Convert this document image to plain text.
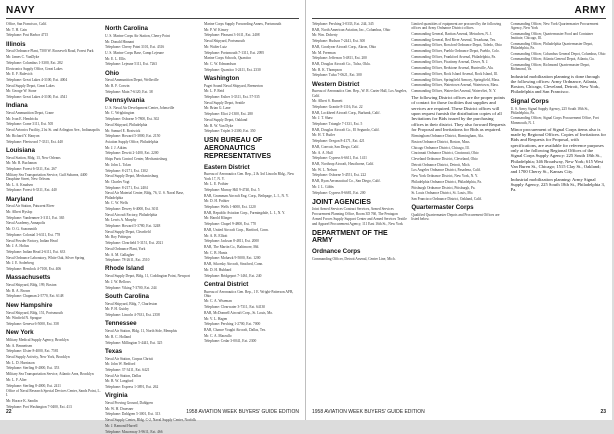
NAVY
Office, San Francisco, Calif.
Mr. T. H. Cain
Telephone: Post Harbor 4715
Illinois
Naval Ordnance Plant, 7500 W. Roosevelt Road, Forest Park
Mr. James C. VanDyke
Telephone: Columbus 1-3300, Ext. 282
Electronics Supply Office, Great Lakes
Mr. E. F. Rulevich
Telephone: Great Lakes 4-3100, Ext. 4004
Naval Supply Depot, Great Lakes
Mr. George W. Stone
Telephone: Great Lakes 4-3100, Ext. 4541
Indiana
Naval Ammunition Depot, Crane
Mr. Ivan E. Hendricks
Telephone: Crane 3111, Ext. 505
Naval Avionics Facility, 21st St. and Arlington Ave., Indianapolis
Mr. Richard Y. Hanyon
Telephone: Fleetwood 7-3311, Ext. 440
Louisiana
Naval Station, Bldg. 13, New Orleans
Mr. Mr. R. Buchanan
Telephone: Forest 6-3311, Ext. 267
Military Sea Transportation Service, Gulf Subarea, 4400 Dauphine Street, New Orleans
Mr. L. A. Knudsen
Telephone: Forest 6-3311, Ext. 440
Maryland
Naval Air Station, Patuxent River
Mr. Albert Hyslop
Telephone: Vandenmee 3-3111, Ext. 365
Naval Academy, Annapolis
Mr. O. G. Soarasmith
Telephone: Colonial 3-6311, Ext. 778
Naval Powder Factory, Indian Head
Mr. J. A. Holtus
Telephone: Indian Head 2-6111, Ext. 633
Naval Ordnance Laboratory, White Oak, Silver Spring
Mr. J. E. Soderberg
Telephone: Hemlock 4-7100, Ext. 406
Massachusetts
Naval Shipyard, Bldg. 199, Boston
Mr. R. A. Brown
Telephone: Chapman 2-5770, Ext. 6148
New Hampshire
Naval Shipyard, Bldg. 151, Portsmouth
Mr. Winfield N. Sprague
Telephone: Geneva 6-5000, Ext. 358
New York
Military Medical Supply Agency, Brooklyn
Mr. A. Bennettsen
Telephone: Ulster 8-4000, Ext. 7581
Naval Supply Activity, New York, Brooklyn
Mr. L. D. Harriason
Telephone: Sterling 8-4000, Ext. 353
Military Sea Transportation Service, Atlantic Area, Brooklyn
Mr. L. F. Alter
Telephone: Sterling 8-4000, Ext. 2411
Office of Naval Research Special Devices Center, Sands Point, L. I.
Mr. Horace K. Sandin
Telephone: Port Washington 7-0400, Ext. 413
North Carolina
U. S. Marine Corps Air Station, Cherry Point
Mr. Donald Hinnant
Telephone: Cherry Point 3101, Ext. 4316
U. S. Marine Corps Base, Camp Lejeune
Mr. E. L. Ellis
Telephone: Lejeune 5111, Ext. 7263
Ohio
Naval Ammunition Depot, Wellsville
Mr. R. F. Corwin
Telephone: Main 7-6120, Ext. 38
Pennsylvania
U. S. Naval Air Development Center, Johnsville
Mr. C. Wrightington
Telephone: Osborne 5-7800, Ext. 302
Naval Shipyard, Philadelphia
Mr. Samuel E. Bostwick
Telephone: Howard 5-3800, Ext. 2150
Aviation Supply Office, Philadelphia
Mr. J. J. Atkins
Telephone: Dewitt 2-1400, Ext. 2200
Ships Parts Control Center, Mechanicsburg
Mr. John L. Tolan
Telephone: 8-2171, Ext. 1302
Naval Supply Depot, Mechanicsburg
Mr. Charles Vogt
Telephone: 8-2171, Ext. 2404
Naval Air Material Center, Bldg. 76, U. S. Naval Base, Philadelphia
Mr. C. W. Wells
Telephone: Dewey 6-4000, Ext. 3011
Naval Aircraft Factory, Philadelphia
Mr. Lewis A. Murphy
Telephone: Howard 5-3780, Ext. 3248
Naval Supply Depot, Clearfield
Mr. Roy Pobiegos
Telephone: Clearfield 5-3151, Ext. 2021
Naval Ordnance Plant, York
Mr. A. M. Gallagher
Telephone: 78-2611, Ext. 2510
Rhode Island
Naval Supply Depot, Bldg. 11, Coddington Point, Newport
Mr. J. W. Bellows
Telephone: Viking 7-3700, Ext. 244
South Carolina
Naval Shipyard, Bldg. 7, Charleston
Mr. P. H. Guidry
Telephone: Lincoln 4-7631, Ext. 2358
Tennessee
Naval Air Station, Bldg. 11, North Side, Memphis
Mr. R. C. Holland
Telephone: Millington 5-4441, Ext. 325
Texas
Naval Air Station, Corpus Christi
Mr. John W. Bedford
Telephone: 37-3411, Ext. 6421
Naval Air Station, Dallas
Mr. B. W. Langford
Telephone: Express 1-3891, Ext. 262
Virginia
Naval Proving Ground, Dahlgren
Mr. W. H. Druesner
Telephone: Dahlgren 5-3001, Ext. 313
Naval Supply Center, Bldg. C-2, Naval Supply Center, Norfolk
Mr. J. Ramond Harrell
Telephone: Masonway 3-9611, Ext. 466
Marine Corps Supply Forwarding Annex, Portsmouth
Mr. P. W. Kinsey
Telephone: Pleasant 3-1611, Ext. 2408
Naval Shipyard, Portsmouth
Mr. Walter Lutz
Telephone: Portsmouth 7-1311, Ext. 2095
Marine Corps Schools, Quantico
Mr. C. W. Edmondson
Telephone: Quantico 3-2411, Ext. 2330
Washington
Puget Sound Naval Shipyard, Bremerton
Mr. L. P. Reid
Telephone: Esther 3-3311, Ext. 57-535
Naval Supply Depot, Seattle
Mr. Brian G. Lane
Telephone: Eliot 2-1300, Ext. 280
Naval Supply Depot, Oakland
Mr. R. W. Van Dyke
Telephone: Triplet 3-2300, Ext. 350
USN BUREAU OF AERONAUTICS REPRESENTATIVES
Eastern District
Bureau of Aeronautics Gen. Rep., 2 & 3rd Lincoln Bldg., New York 17, N. Y.
Mr. L. E. Pothier
Telephone: Murray Hill 9-4740, Ext. 5
BAR, Grumman Aircraft Eng. Corp., Bethpage, L. I., N. Y.
Mr. D. H. Pothier
Telephone: Wells 1-6000, Ext. 1220
BAR, Republic Aviation Corp., Farmingdale, L. I., N. Y.
Mr. Harold Klinger
Telephone: Chapel 9-4800, Ext. 770
BAR, United Aircraft Corp., Hartford, Conn.
Mr. A. B. Elliott
Telephone: Jackson 8-4811, Ext. 2000
BAR, The Martin Co., Baltimore, Md.
Mr. C. B. Huntz
Telephone: Mohawk 9-5000, Ext. 1200
BAR, Sikorsky Aircraft, Stratford, Conn.
Mr. D. H. Hubbard
Telephone: Bridgeport 7-1461, Ext. 240
Central District
Bureau of Aeronautics Gen. Rep., 1 E. Wright-Patterson AFB, Ohio
Mr. C. A. Wiseman
Telephone: Clearwater 3-7311, Ext. 64130
BAR, McDonnell Aircraft Corp., St. Louis, Mo.
Mr. V. L. Hagen
Telephone: Pershing 1-2700, Ext. 7000
BAR, Chance Vought Aircraft, Dallas, Tex.
Mr. C. A. Marzullo
Telephone: Cedar 3-0041, Ext. 2300
22	1958 AVIATION WEEK BUYERS' GUIDE EDITION
ARMY
Telephone: Pershing 3-0333, Ext. 244, 345
BAR, North American Aviation, Inc., Columbus, Ohio
Mr. Wm. Doherty
Telephone: Hudson 7-2441, Ext. 300
BAR, Goodyear Aircraft Corp., Akron, Ohio
Mr. M. Freeman
Telephone: Jefferson 5-4811, Ext. 200
BAR, Douglas Aircraft Co., Tulsa, Okla.
Mr. R. K. Thompson
Telephone: Tulsa 7-0621, Ext. 300
Western District
Bureau of Aeronautics Gen. Rep., W. R. Carter Hall, Los Angeles, Calif.
Mr. Albert S. Burnett
Telephone: Granite 8-1116, Ext. 22
BAR, Lockheed Aircraft Corp., Burbank, Calif.
Mr. J. T. Shaw
Telephone: Triangle 7-1331, Ext. 5
BAR, Douglas Aircraft Co., El Segundo, Calif.
Mr. H. T. Butler
Telephone: Oregon 8-4171, Ext. 421
BAR, Convair, San Diego, Calif.
Mr. A. A. Hall
Telephone: Cypress 6-6611, Ext. 1411
BAR, Northrop Aircraft, Hawthorne, Calif.
Mr. W. L. Nelson
Telephone: Osborne 5-4551, Ext. 222
BAR, Ryan Aeronautical Co., San Diego, Calif.
Mr. J. L. Gibbs
Telephone: Cypress 8-6681, Ext. 200
JOINT AGENCIES
Joint Armed Services Contract Services, Armed Services Procurement Planning Office, Room 3D 760, The Pentagon
Armed Forces Supply Support Center and Armed Services Textile and Apparel Procurement Agency, 111 East 16th St., New York
DEPARTMENT OF THE ARMY
Ordnance Corps
Commanding Officer, Detroit Arsenal, Center Line, Mich.
Limited quantities of equipment are procured by the following offices and Army Ordnance District offices.
Commanding General, Raritan Arsenal, Metuchen, N. J.
Commanding General, Red River Arsenal, Texarkana, Tex.
Commanding Officer, Rossford Ordnance Depot, Toledo, Ohio
Commanding Officer, Pueblo Ordnance Depot, Pueblo, Colo.
Commanding Officer, Frankford Arsenal, Philadelphia, Pa.
Commanding Officer, Picatinny Arsenal, Dover, N. J.
Commanding Officer, Redstone Arsenal, Huntsville, Ala.
Commanding Officer, Rock Island Arsenal, Rock Island, Ill.
Commanding Officer, Springfield Armory, Springfield, Mass.
Commanding Officer, Watertown Arsenal, Watertown, Mass.
Commanding Officer, Watervliet Arsenal, Watervliet, N. Y.
The following District offices are the proper points of contact for those facilities that supplies and services are required. These District offices will upon request furnish the distribution copies of all Invitations for Bids issued by the purchasing offices in their district. They also forward Requests for Proposal and Invitations for Bids as required.
Birmingham Ordnance District, Birmingham, Ala.
Boston Ordnance District, Boston, Mass.
Chicago Ordnance District, Chicago, Ill.
Cincinnati Ordnance District, Cincinnati, Ohio
Cleveland Ordnance District, Cleveland, Ohio
Detroit Ordnance District, Detroit, Mich.
Los Angeles Ordnance District, Pasadena, Calif.
New York Ordnance District, New York, N. Y.
Philadelphia Ordnance District, Philadelphia, Pa.
Pittsburgh Ordnance District, Pittsburgh, Pa.
St. Louis Ordnance District, St. Louis, Mo.
San Francisco Ordnance District, Oakland, Calif.
Quartermaster Corps
Qualified Quartermaster Depots and Procurement Offices are listed below.
Commanding Officer, New York Quartermaster Procurement Agency, New York
Commanding Officer, Quartermaster Food and Container Institute, Chicago, Ill.
Commanding Officer, Philadelphia Quartermaster Depot, Philadelphia, Pa.
Commanding Officer, Columbus General Depot, Columbus, Ohio
Commanding Officer, Atlanta General Depot, Atlanta, Ga.
Commanding Officer, Richmond Quartermaster Depot, Richmond, Va.
Industrial mobilization planning is done through the following offices: Army Ordnance, Atlanta, Boston, Chicago, Cleveland, Detroit, New York, Philadelphia and San Francisco.
Signal Corps
U. S. Army Signal Supply Agency, 225 South 18th St., Philadelphia, Pa.
Commanding Officer, Signal Corps Procurement Office, Fort Monmouth, N. J.
Minor procurement of Signal Corps items also is made by Regional Offices. Copies of Invitations for Bids and Requests for Proposal, with specifications, are available for reference purposes only at the following Regional Offices of the Signal Corps Supply Agency: 225 South 18th St., Philadelphia; 346 Broadway, New York; 615 West Van Buren St., Chicago; 1515 Clay St., Oakland; and 1700 Cherry St., Kansas City.
Industrial mobilization planning: Army Signal Supply Agency, 225 South 18th St., Philadelphia 3, Pa.
1958 AVIATION WEEK BUYERS' GUIDE EDITION	23
